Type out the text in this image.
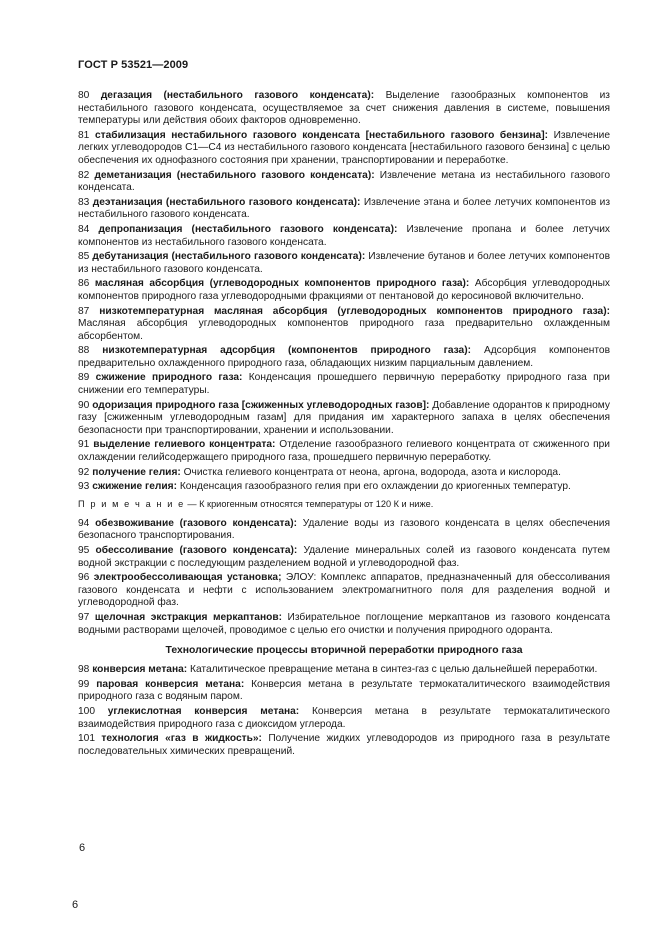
ГОСТ Р 53521—2009

80 дегазация (нестабильного газового конденсата): Выделение газообразных компонентов из нестабильного газового конденсата, осуществляемое за счет снижения давления в системе, повышения температуры или действия обоих факторов одновременно.

81 стабилизация нестабильного газового конденсата [нестабильного газового бензина]: Извлечение легких углеводородов C1—C4 из нестабильного газового конденсата [нестабильного газового бензина] с целью обеспечения их однофазного состояния при хранении, транспортировании и переработке.

82 деметанизация (нестабильного газового конденсата): Извлечение метана из нестабильного газового конденсата.

83 деэтанизация (нестабильного газового конденсата): Извлечение этана и более летучих компонентов из нестабильного газового конденсата.

84 депропанизация (нестабильного газового конденсата): Извлечение пропана и более летучих компонентов из нестабильного газового конденсата.

85 дебутанизация (нестабильного газового конденсата): Извлечение бутанов и более летучих компонентов из нестабильного газового конденсата.

86 масляная абсорбция (углеводородных компонентов природного газа): Абсорбция углеводородных компонентов природного газа углеводородными фракциями от пентановой до керосиновой включительно.

87 низкотемпературная масляная абсорбция (углеводородных компонентов природного газа): Масляная абсорбция углеводородных компонентов природного газа предварительно охлажденным абсорбентом.

88 низкотемпературная адсорбция (компонентов природного газа): Адсорбция компонентов предварительно охлажденного природного газа, обладающих низким парциальным давлением.

89 сжижение природного газа: Конденсация прошедшего первичную переработку природного газа при снижении его температуры.

90 одоризация природного газа [сжиженных углеводородных газов]: Добавление одорантов к природному газу [сжиженным углеводородным газам] для придания им характерного запаха в целях обеспечения безопасности при транспортировании, хранении и использовании.

91 выделение гелиевого концентрата: Отделение газообразного гелиевого концентрата от сжиженного при охлаждении гелийсодержащего природного газа, прошедшего первичную переработку.

92 получение гелия: Очистка гелиевого концентрата от неона, аргона, водорода, азота и кислорода.

93 сжижение гелия: Конденсация газообразного гелия при его охлаждении до криогенных температур.

П р и м е ч а н и е — К криогенным относятся температуры от 120 К и ниже.

94 обезвоживание (газового конденсата): Удаление воды из газового конденсата в целях обеспечения безопасного транспортирования.

95 обессоливание (газового конденсата): Удаление минеральных солей из газового конденсата путем водной экстракции с последующим разделением водной и углеводородной фаз.

96 электрообессоливающая установка; ЭЛОУ: Комплекс аппаратов, предназначенный для обессоливания газового конденсата и нефти с использованием электромагнитного поля для разделения водной и углеводородной фаз.

97 щелочная экстракция меркаптанов: Избирательное поглощение меркаптанов из газового конденсата водными растворами щелочей, проводимое с целью его очистки и получения природного одоранта.

Технологические процессы вторичной переработки природного газа

98 конверсия метана: Каталитическое превращение метана в синтез-газ с целью дальнейшей переработки.

99 паровая конверсия метана: Конверсия метана в результате термокаталитического взаимодействия природного газа с водяным паром.

100 углекислотная конверсия метана: Конверсия метана в результате термокаталитического взаимодействия природного газа с диоксидом углерода.

101 технология «газ в жидкость»: Получение жидких углеводородов из природного газа в результате последовательных химических превращений.

6
6
